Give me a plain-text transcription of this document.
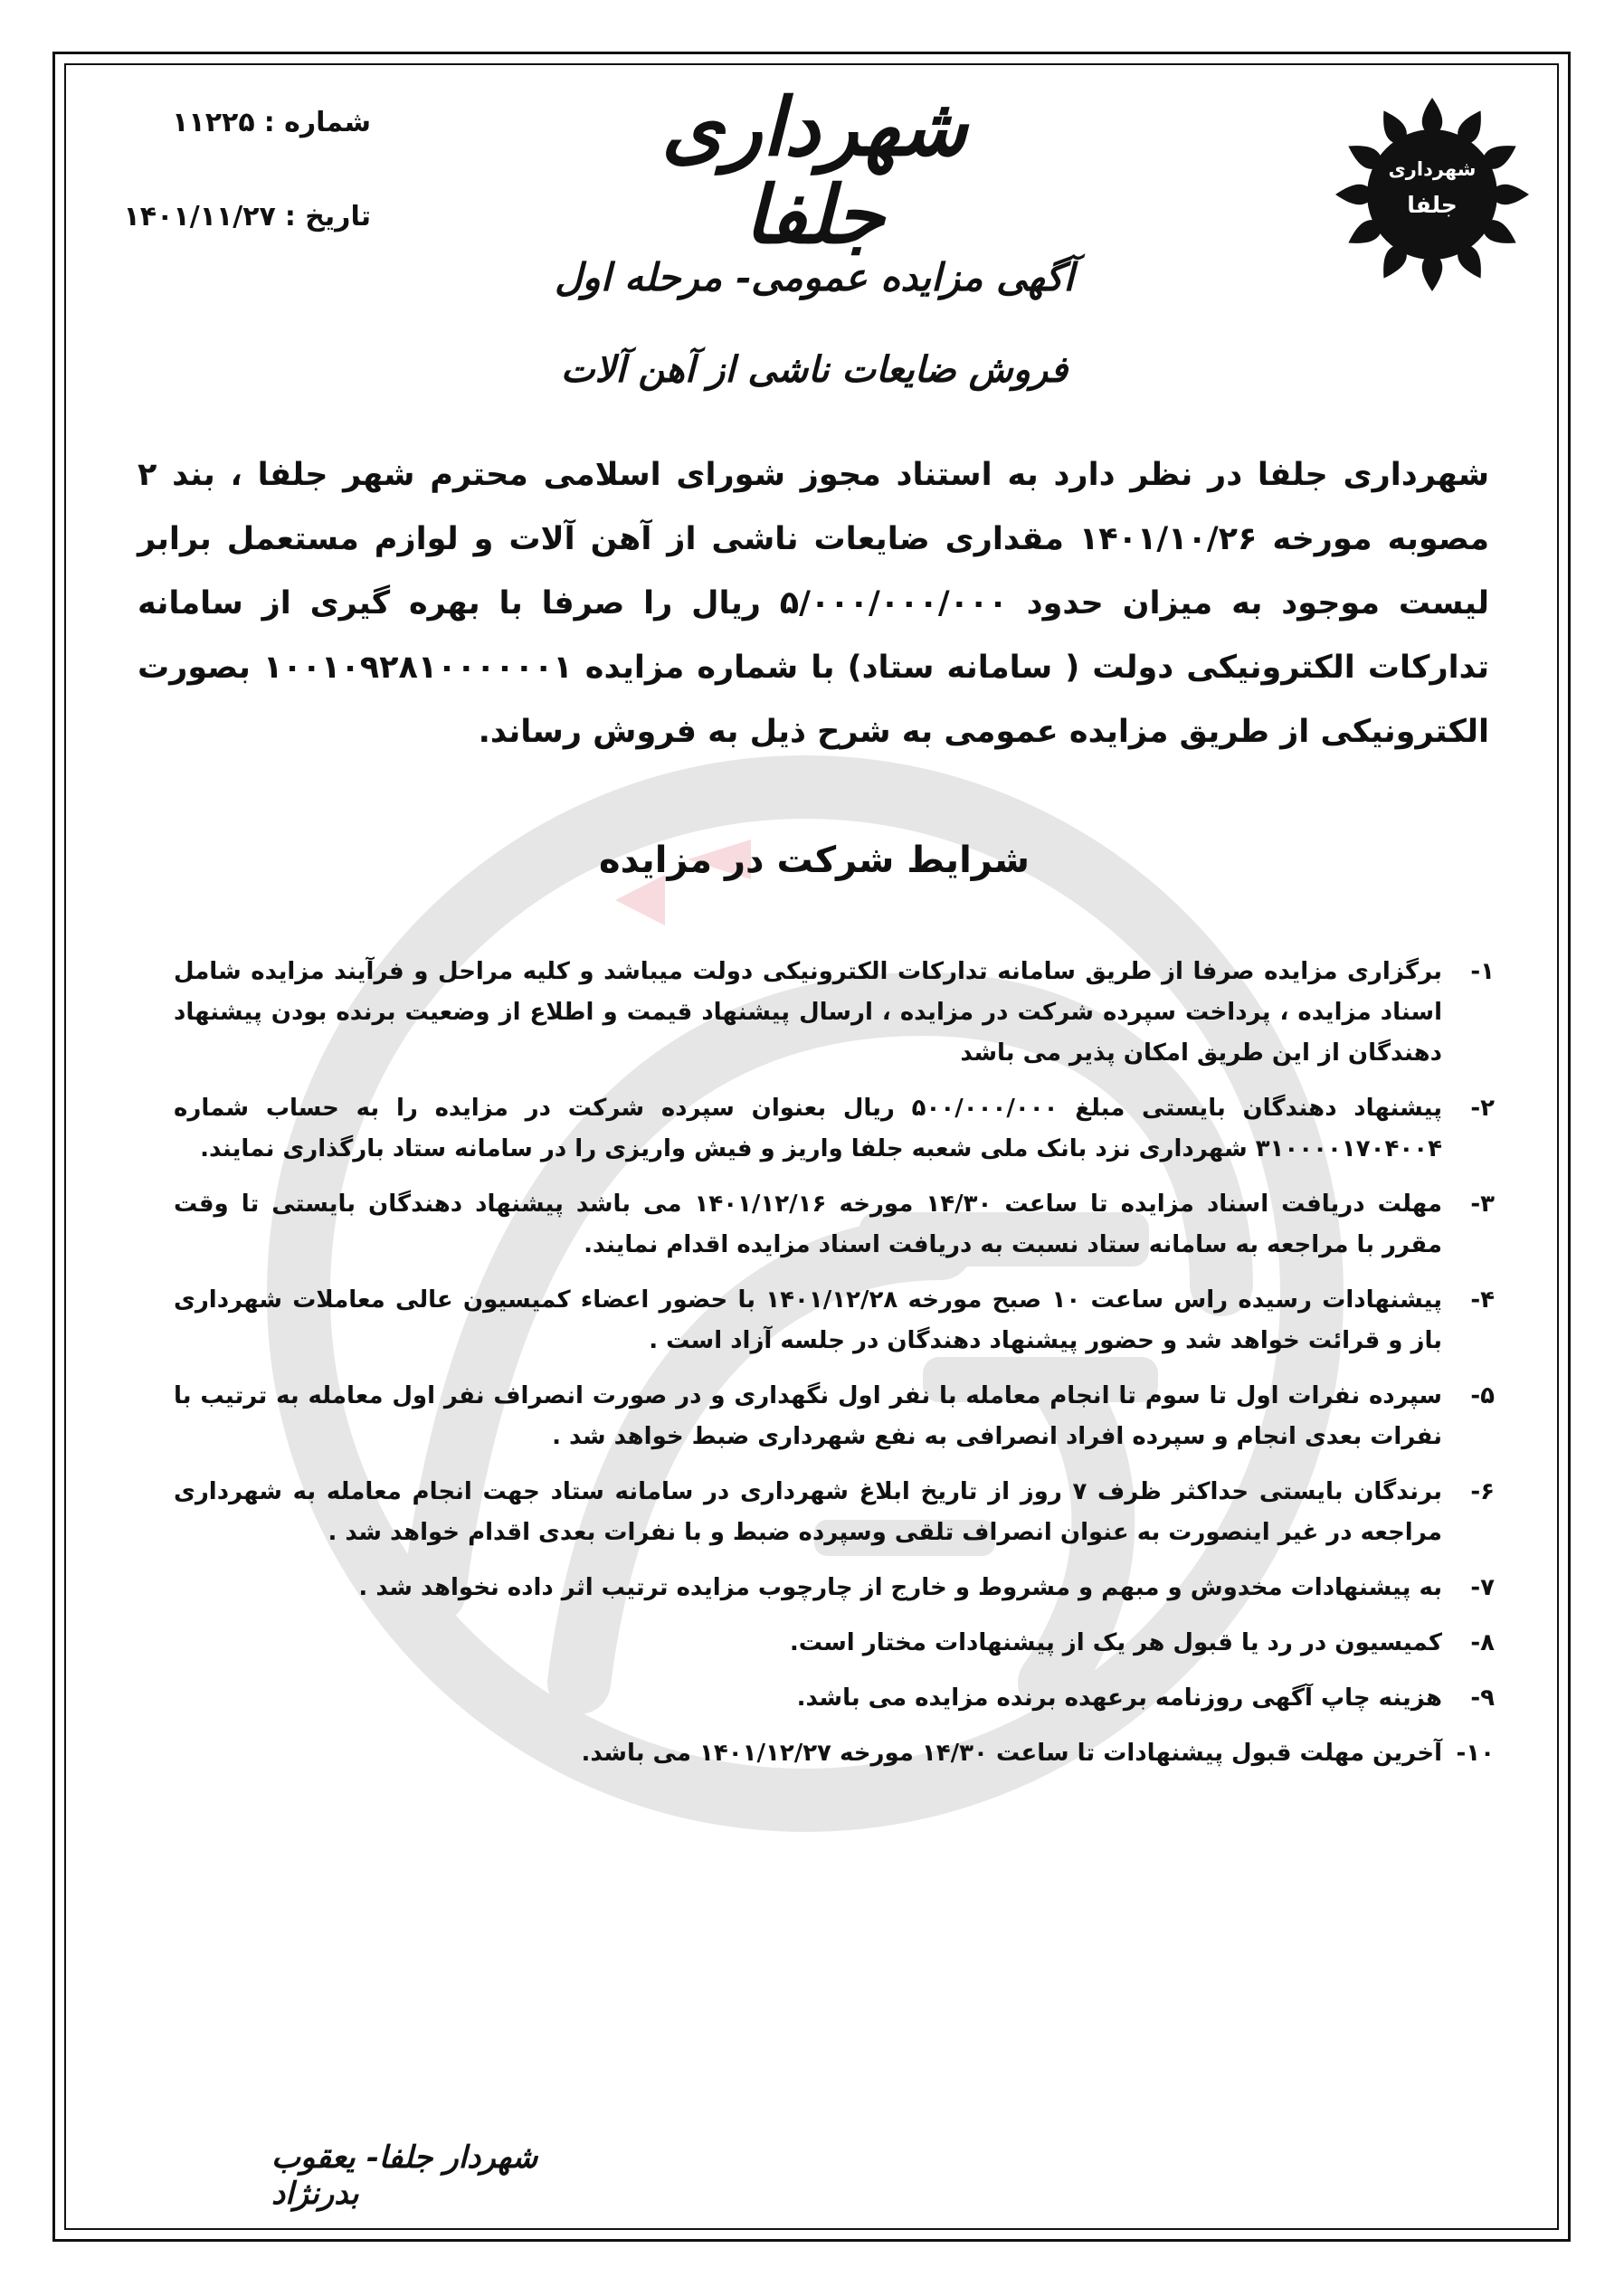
شهرداری
جلفا
شماره :۱۱۲۲۵
تاریخ :۱۴۰۱/۱۱/۲۷
شهرداری جلفا
آگهی مزایده عمومی- مرحله اول
فروش ضایعات ناشی از آهن آلات

شهرداری جلفا در نظر دارد به استناد مجوز شورای اسلامی محترم شهر جلفا ، بند ۲ مصوبه مورخه ۱۴۰۱/۱۰/۲۶ مقداری ضایعات ناشی از آهن آلات و لوازم مستعمل برابر لیست موجود به میزان حدود ۵/۰۰۰/۰۰۰/۰۰۰ ریال را صرفا با بهره گیری از سامانه تدارکات الکترونیکی دولت ( سامانه ستاد) با شماره مزایده ۱۰۰۱۰۹۲۸۱۰۰۰۰۰۰۱ بصورت الکترونیکی از طریق مزایده عمومی به شرح ذیل به فروش رساند.

شرایط شرکت در مزایده
۱-
برگزاری مزایده صرفا از طریق سامانه تدارکات الکترونیکی دولت میباشد و کلیه مراحل و فرآیند مزایده شامل اسناد مزایده ، پرداخت سپرده شرکت در مزایده ، ارسال پیشنهاد قیمت و اطلاع از وضعیت برنده بودن پیشنهاد دهندگان از این طریق امکان پذیر می باشد
۲-
پیشنهاد دهندگان بایستی مبلغ ۵۰۰/۰۰۰/۰۰۰ ریال بعنوان سپرده شرکت در مزایده را به حساب شماره ۳۱۰۰۰۰۱۷۰۴۰۰۴ شهرداری نزد بانک ملی شعبه جلفا واریز و فیش واریزی را در سامانه ستاد بارگذاری نمایند.
۳-
مهلت دریافت اسناد مزایده تا ساعت ۱۴/۳۰ مورخه ۱۴۰۱/۱۲/۱۶ می باشد پیشنهاد دهندگان بایستی تا وقت مقرر با مراجعه به سامانه ستاد نسبت به دریافت اسناد مزایده اقدام نمایند.
۴-
پیشنهادات رسیده راس ساعت ۱۰ صبح مورخه ۱۴۰۱/۱۲/۲۸ با حضور اعضاء کمیسیون عالی معاملات شهرداری باز و قرائت خواهد شد و حضور پیشنهاد دهندگان در جلسه آزاد است .
۵-
سپرده نفرات اول تا سوم تا انجام معامله با نفر اول نگهداری و در صورت انصراف نفر اول معامله به ترتیب با نفرات بعدی انجام و سپرده افراد انصرافی به نفع شهرداری ضبط خواهد شد .
۶-
برندگان بایستی حداکثر ظرف ۷ روز از تاریخ ابلاغ شهرداری در سامانه ستاد جهت انجام معامله به شهرداری مراجعه در غیر اینصورت به عنوان انصراف تلقی وسپرده ضبط و با نفرات بعدی اقدام خواهد شد .
۷-
به پیشنهادات مخدوش و مبهم و مشروط و خارج از چارچوب مزایده ترتیب اثر داده نخواهد شد .
۸-
کمیسیون در رد یا قبول هر یک از پیشنهادات مختار است.
۹-
هزینه چاپ آگهی روزنامه برعهده برنده مزایده می باشد.
۱۰-
آخرین مهلت قبول پیشنهادات تا ساعت ۱۴/۳۰ مورخه ۱۴۰۱/۱۲/۲۷ می باشد.
شهردار جلفا- یعقوب بدرنژاد
